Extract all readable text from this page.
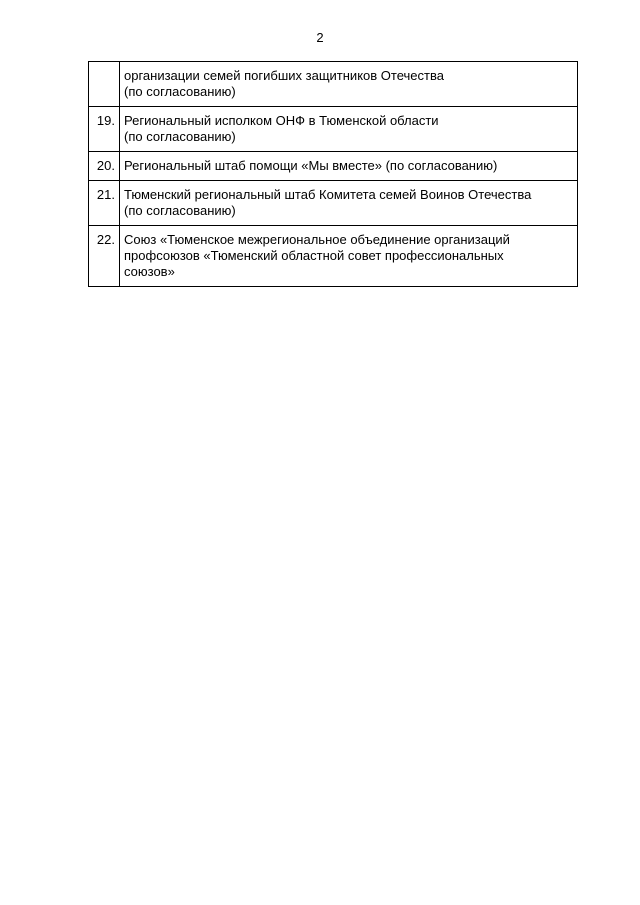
2

	организации семей погибших защитников Отечества
(по согласованию)

19.	Региональный исполком ОНФ в Тюменской области
(по согласованию)

20.	Региональный штаб помощи «Мы вместе» (по согласованию)

21.	Тюменский региональный штаб Комитета семей Воинов Отечества
(по согласованию)

22.	Союз «Тюменское межрегиональное объединение организаций
профсоюзов «Тюменский областной совет профессиональных
союзов»
